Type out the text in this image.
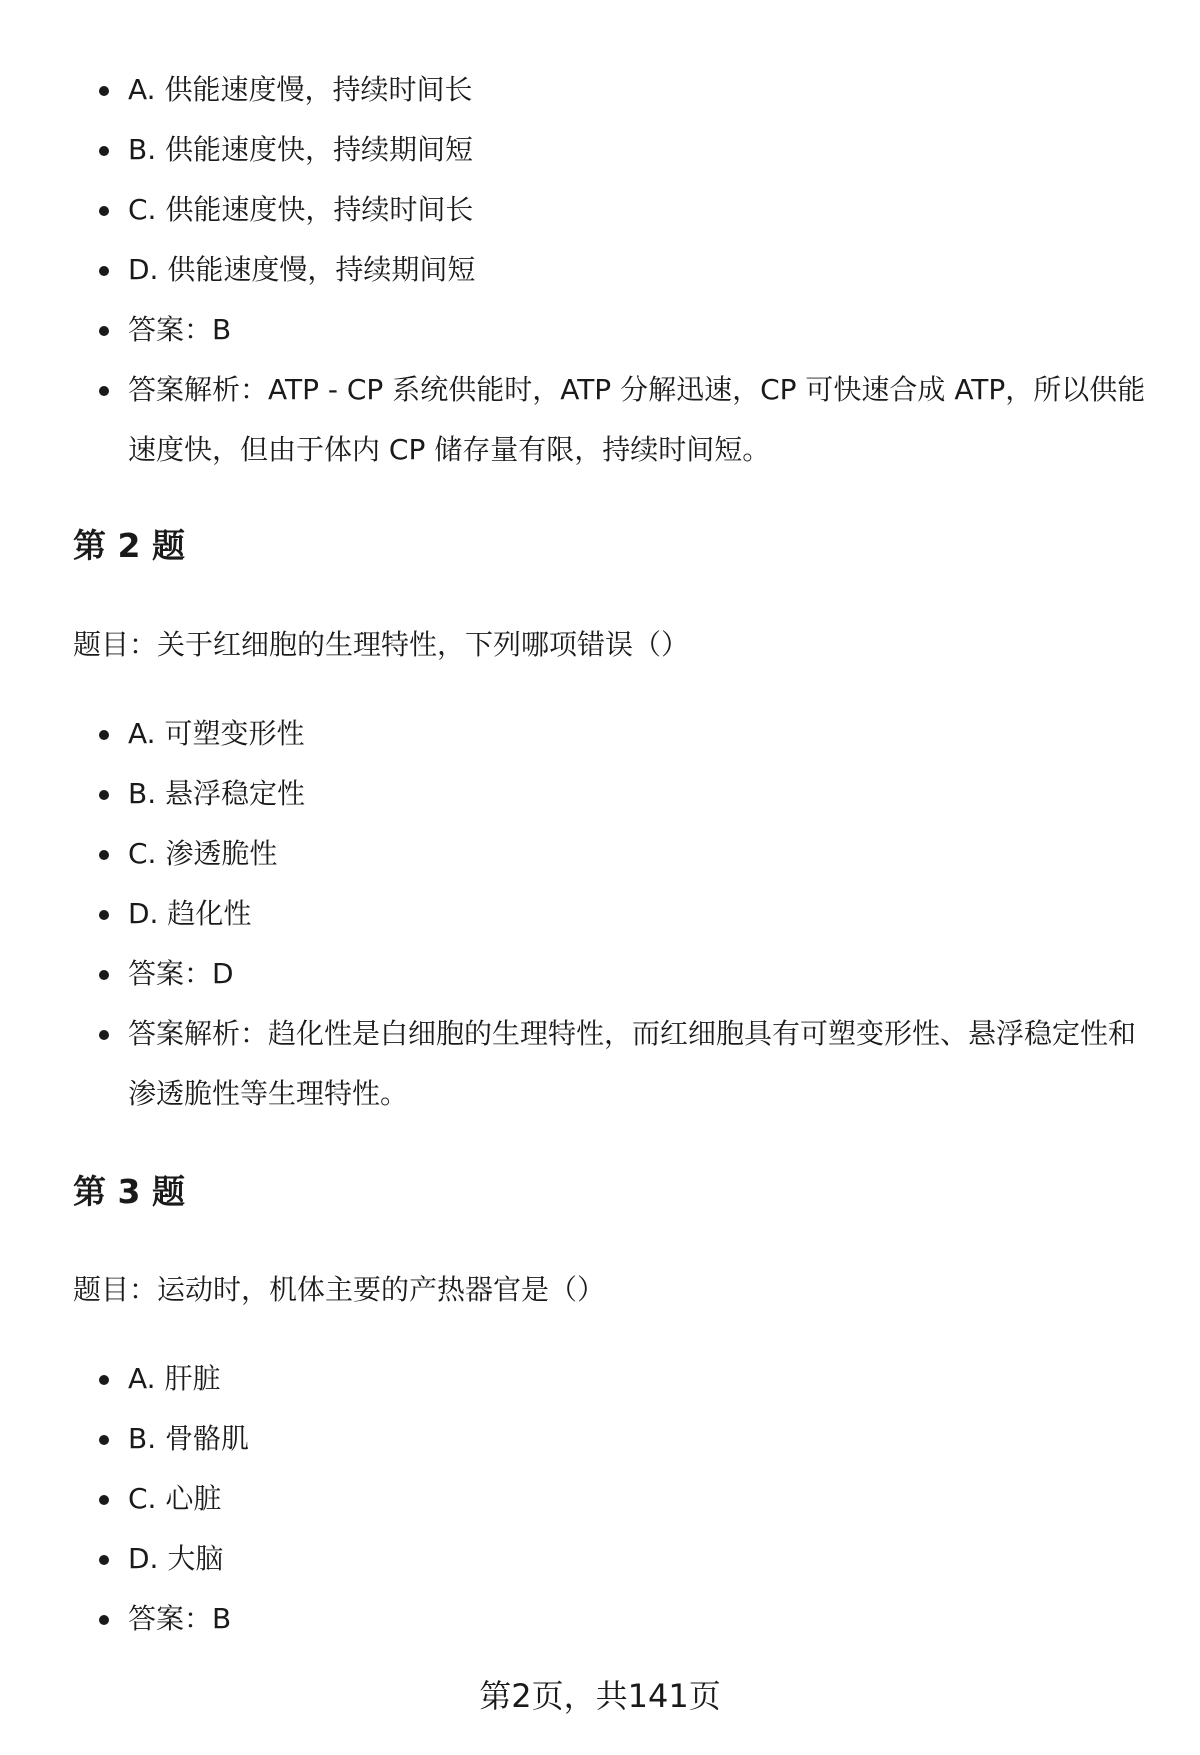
A. 供能速度慢，持续时间长
B. 供能速度快，持续期间短
C. 供能速度快，持续时间长
D. 供能速度慢，持续期间短
答案：B
答案解析：ATP - CP 系统供能时，ATP 分解迅速，CP 可快速合成 ATP，所以供能速度快，但由于体内 CP 储存量有限，持续时间短。
第 2 题

题目：关于红细胞的生理特性，下列哪项错误（）

A. 可塑变形性
B. 悬浮稳定性
C. 渗透脆性
D. 趋化性
答案：D
答案解析：趋化性是白细胞的生理特性，而红细胞具有可塑变形性、悬浮稳定性和渗透脆性等生理特性。
第 3 题

题目：运动时，机体主要的产热器官是（）

A. 肝脏
B. 骨骼肌
C. 心脏
D. 大脑
答案：B
第2页，共141页
